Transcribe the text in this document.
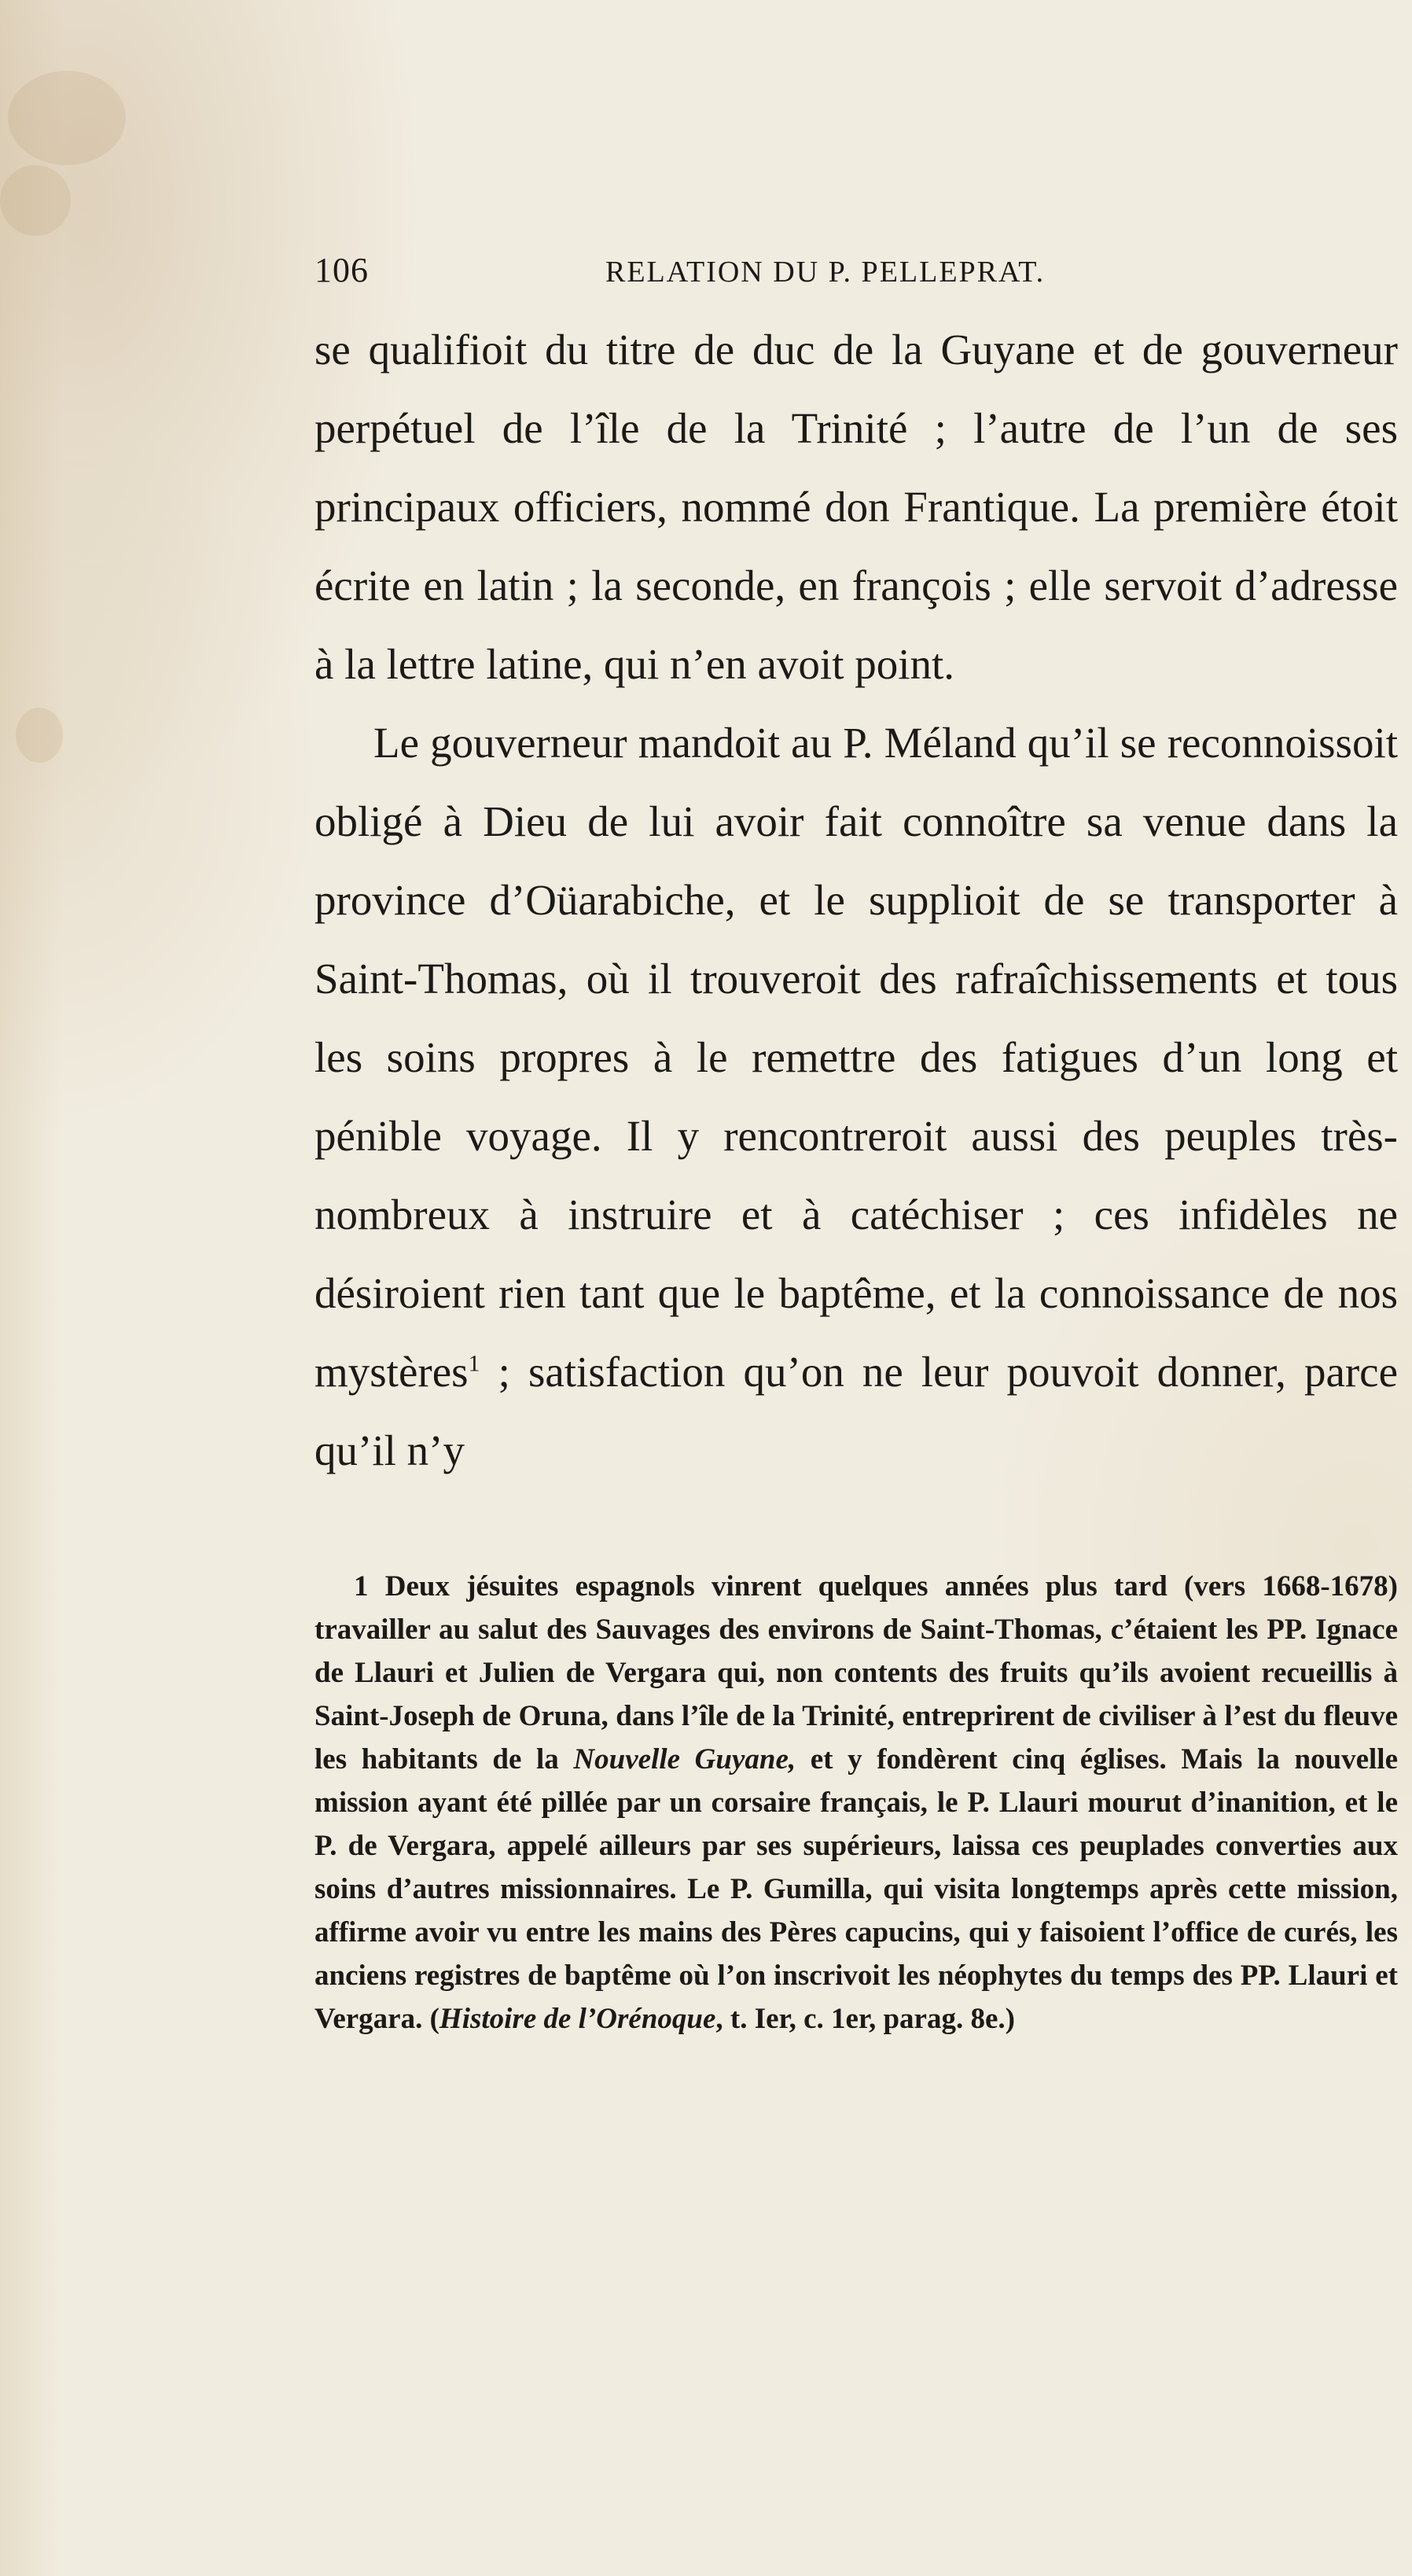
106	RELATION DU P. PELLEPRAT.

se qualifioit du titre de duc de la Guyane et de gouverneur perpétuel de l’île de la Trinité ; l’autre de l’un de ses principaux officiers, nommé don Frantique. La première étoit écrite en latin ; la seconde, en françois ; elle servoit d’adresse à la lettre latine, qui n’en avoit point.

Le gouverneur mandoit au P. Méland qu’il se reconnoissoit obligé à Dieu de lui avoir fait connoître sa venue dans la province d’Oüarabiche, et le supplioit de se transporter à Saint-Thomas, où il trouveroit des rafraîchissements et tous les soins propres à le remettre des fatigues d’un long et pénible voyage. Il y rencontreroit aussi des peuples très-nombreux à instruire et à catéchiser ; ces infidèles ne désiroient rien tant que le baptême, et la connoissance de nos mystères$^1$ ; satisfaction qu’on ne leur pouvoit donner, parce qu’il n’y

1 Deux jésuites espagnols vinrent quelques années plus tard (vers 1668-1678) travailler au salut des Sauvages des environs de Saint-Thomas, c’étaient les PP. Ignace de Llauri et Julien de Vergara qui, non contents des fruits qu’ils avoient recueillis à Saint-Joseph de Oruna, dans l’île de la Trinité, entreprirent de civiliser à l’est du fleuve les habitants de la Nouvelle Guyane, et y fondèrent cinq églises. Mais la nouvelle mission ayant été pillée par un corsaire français, le P. Llauri mourut d’inanition, et le P. de Vergara, appelé ailleurs par ses supérieurs, laissa ces peuplades converties aux soins d’autres missionnaires. Le P. Gumilla, qui visita longtemps après cette mission, affirme avoir vu entre les mains des Pères capucins, qui y faisoient l’office de curés, les anciens registres de baptême où l’on inscrivoit les néophytes du temps des PP. Llauri et Vergara. (Histoire de l’Orénoque, t. Ier, c. 1er, parag. 8e.)
